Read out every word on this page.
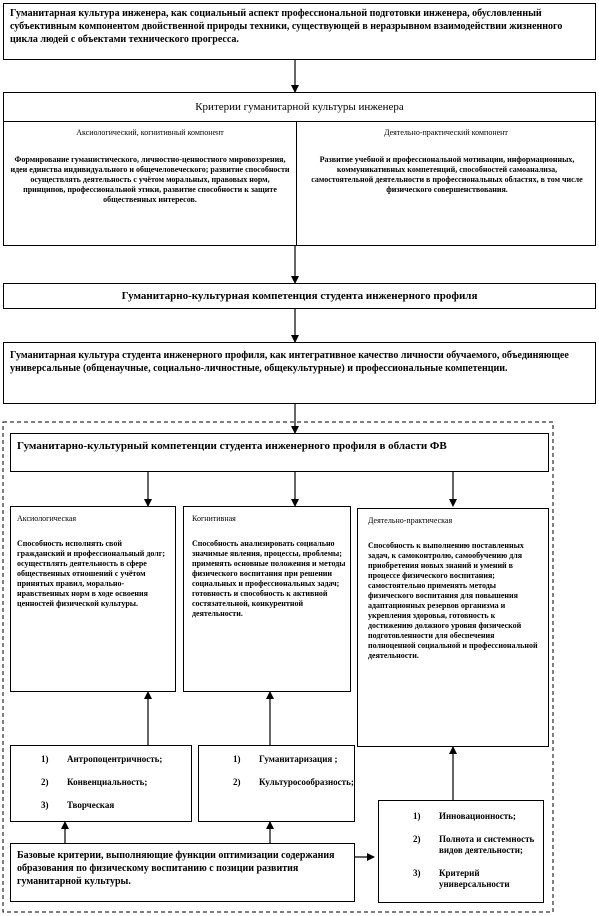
Гуманитарная культура инженера, как социальный аспект профессиональной подготовки инженера, обусловленный субъективным компонентом двойственной природы техники, существующей в неразрывном взаимодействии жизненного цикла людей с объектами технического прогресса.
Критерии гуманитарной культуры инженера
Аксиологический, когнитивный компонент
Формирование гуманистического, личностно-ценностного мировоззрения, идеи единства индивидуального и общечеловеческого; развитие способности осуществлять деятельность с учётом моральных, правовых норм, принципов, профессиональной этики, развитие способности к защите общественных интересов.
Деятельно-практический компонент
Развитие учебной и профессиональной мотивации, информационных, коммуникативных компетенций, способностей самоанализа, самостоятельной деятельности в профессиональных областях, в том числе физического совершенствования.
Гуманитарно-культурная компетенция студента инженерного профиля
Гуманитарная культура студента инженерного профиля, как интегративное качество личности обучаемого, объединяющее универсальные (общенаучные, социально-личностные, общекультурные) и профессиональные компетенции.
Гуманитарно-культурный компетенции студента инженерного профиля в области ФВ
Аксиологическая
Способность исполнять свой гражданский и профессиональный долг; осуществлять деятельность в сфере общественных отношений с учётом принятых правил, морально-нравственных норм в ходе освоения ценностей физической культуры.
Когнитивная
Способность анализировать социально значимые явления, процессы, проблемы; применять основные положения и методы физического воспитания при решении социальных и профессиональных задач; готовность и способность к активной состязательной, конкурентной деятельности.
Деятельно-практическая
Способность к выполнению поставленных задач, к самоконтролю, самообучению для приобретения новых знаний и умений в процессе физического воспитания; самостоятельно применять методы физического воспитания для повышения адаптационных резервов организма и укрепления здоровья, готовность к достижению должного уровня физической подготовленности для обеспечения полноценной социальной и профессиональной деятельности.
1) Антропоцентричность;
2) Конвенциальность;
3) Творческая
1) Гуманитаризация ;
2) Культуросообразность;
1) Инновационность;
2) Полнота и системность видов деятельности;
3) Критерий универсальности
Базовые критерии, выполняющие функции оптимизации содержания образования по физическому воспитанию с позиции развития гуманитарной культуры.
